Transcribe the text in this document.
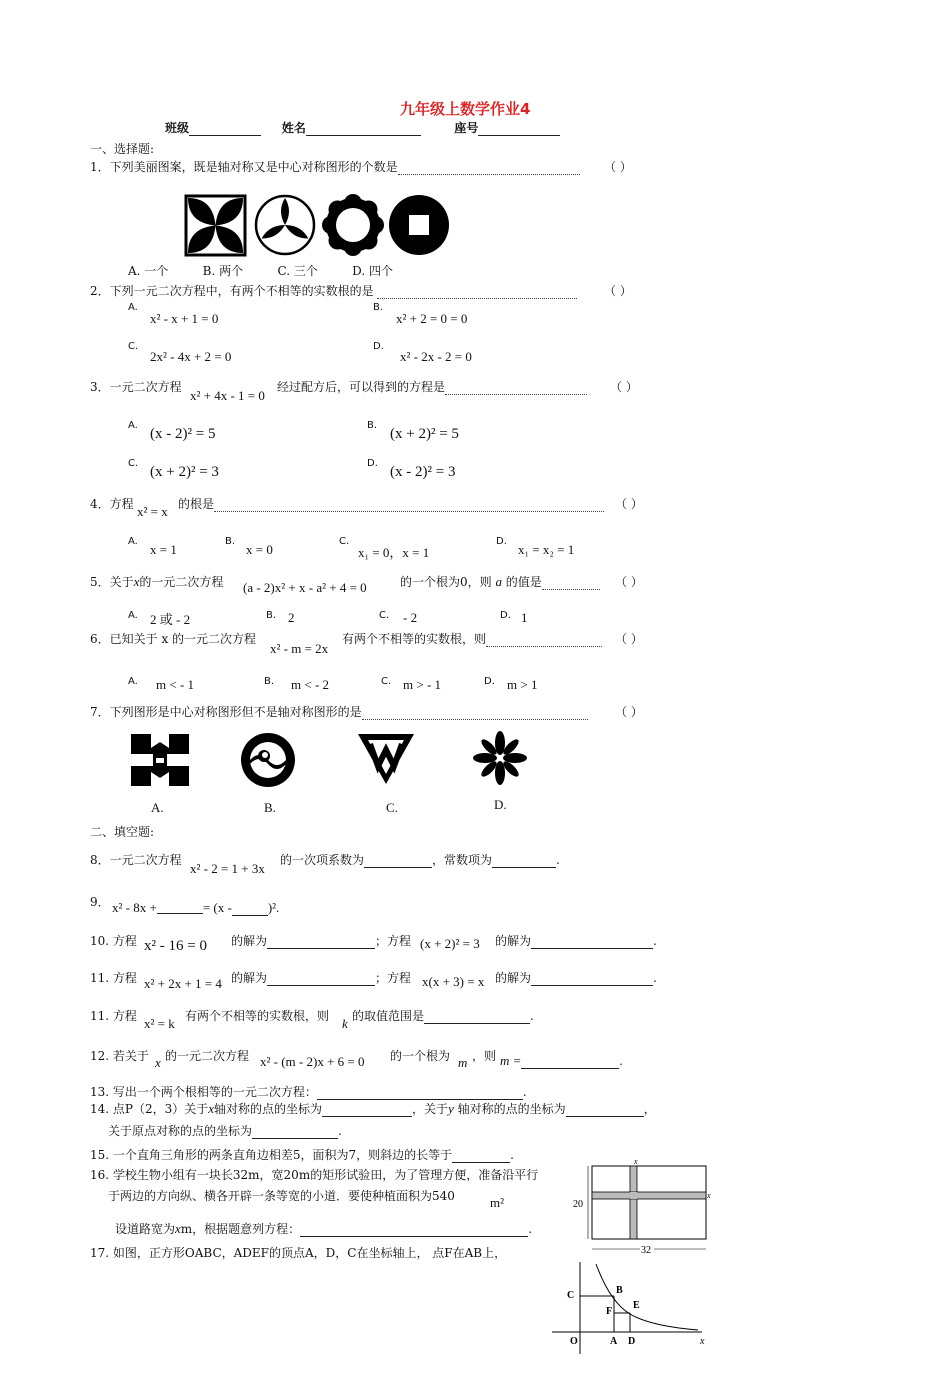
九年级上数学作业4
班级	姓名	座号
一、选择题:
1．下列美丽图案，既是轴对称又是中心对称图形的个数是	（ ）
A. 一个	B. 两个	C. 三个	D. 四个
2．下列一元二次方程中，有两个不相等的实数根的是	（ ）
A.
x² - x + 1 = 0
B.
x² + 2 = 0 = 0
C.
2x² - 4x + 2 = 0
D.
x² - 2x - 2 = 0
3．一元二次方程
x² + 4x - 1 = 0
经过配方后，可以得到的方程是	（ ）
A.
(x - 2)² = 5
B.
(x + 2)² = 5
C.
(x + 2)² = 3
D.
(x - 2)² = 3
4．方程 x² = x 的根是	（ ）
A.
x = 1
B.
x = 0
C.
x₁ = 0，x = 1
D.
x₁ = x₂ = 1
5．关于x的一元二次方程 (a - 2)x² + x - a² + 4 = 0	的一个根为0，则 a 的值是	（ ）
A. 2 或 - 2	B. 2	C. - 2	D. 1
6．已知关于 x 的一元二次方程
x² - m = 2x
有两个不相等的实数根，则	（ ）
A. m < - 1	B. m < - 2	C. m > - 1	D. m > 1
7．下列图形是中心对称图形但不是轴对称图形的是	（ ）
A.	B.	C.	D.
二、填空题:
8．一元二次方程
x² - 2 = 1 + 3x
的一次项系数为	，常数项为	.
9． x² - 8x +	= (x -	)².
10. 方程 x² - 16 = 0 的解为	；方程 (x + 2)² = 3 的解为	.
11. 方程 x² + 2x + 1 = 4 的解为	；方程 x(x + 3) = x 的解为	.
11. 方程 x² = k 有两个不相等的实数根，则 k 的取值范围是	.
12. 若关于 x 的一元二次方程 x² - (m - 2)x + 6 = 0 的一个根为 m ，则 m =	.
13. 写出一个两个根相等的一元二次方程：	.
14. 点P（2，3）关于x轴对称的点的坐标为	，关于y 轴对称的点的坐标为	，
关于原点对称的点的坐标为	.
15. 一个直角三角形的两条直角边相差5，面积为7，则斜边的长等于	.
16. 学校生物小组有一块长32m，宽20m的矩形试验田，为了管理方便，准备沿平行
于两边的方向纵、横各开辟一条等宽的小道．要使种植面积为540	m²
设道路宽为xm，根据题意列方程：	.
x
x
20
32
17. 如图，正方形OABC，ADEF的顶点A，D，C在坐标轴上， 点F在AB上，
C	B
F
E
O	A D	x
